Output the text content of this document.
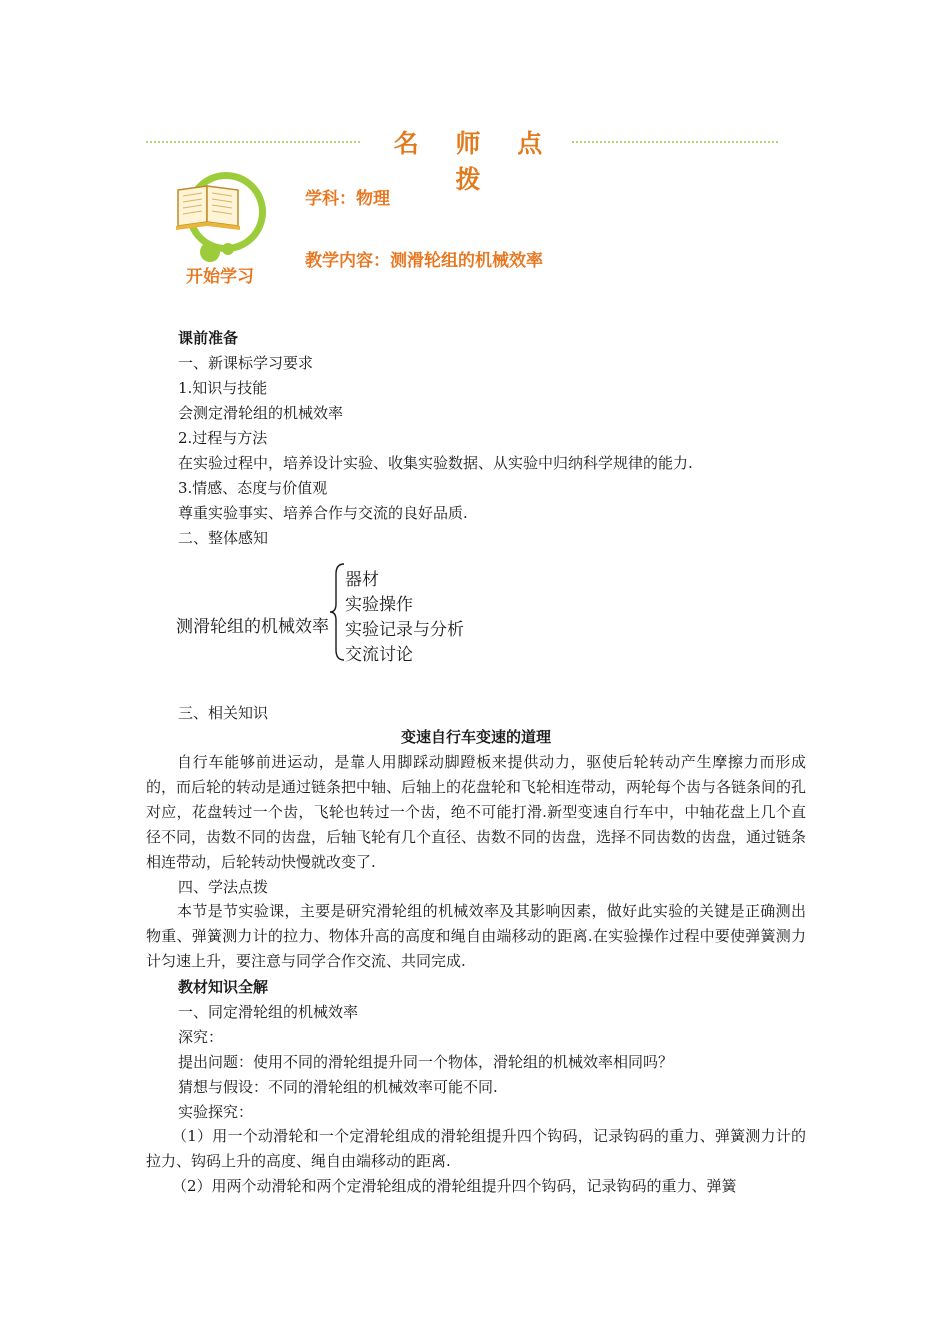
名 师 点 拨
开始学习
学科：物理
教学内容：测滑轮组的机械效率
课前准备
一、新课标学习要求
1.知识与技能
会测定滑轮组的机械效率
2.过程与方法
在实验过程中，培养设计实验、收集实验数据、从实验中归纳科学规律的能力.
3.情感、态度与价值观
尊重实验事实、培养合作与交流的良好品质.
二、整体感知
测滑轮组的机械效率
器材
实验操作
实验记录与分析
交流讨论
三、相关知识
变速自行车变速的道理
自行车能够前进运动，是靠人用脚踩动脚蹬板来提供动力，驱使后轮转动产生摩擦力而形成的，而后轮的转动是通过链条把中轴、后轴上的花盘轮和飞轮相连带动，两轮每个齿与各链条间的孔对应，花盘转过一个齿，飞轮也转过一个齿，绝不可能打滑.新型变速自行车中，中轴花盘上几个直径不同，齿数不同的齿盘，后轴飞轮有几个直径、齿数不同的齿盘，选择不同齿数的齿盘，通过链条相连带动，后轮转动快慢就改变了.
四、学法点拨
本节是节实验课，主要是研究滑轮组的机械效率及其影响因素，做好此实验的关键是正确测出物重、弹簧测力计的拉力、物体升高的高度和绳自由端移动的距离.在实验操作过程中要使弹簧测力计匀速上升，要注意与同学合作交流、共同完成.
教材知识全解
一、同定滑轮组的机械效率
深究：
提出问题：使用不同的滑轮组提升同一个物体，滑轮组的机械效率相同吗？
猜想与假设：不同的滑轮组的机械效率可能不同.
实验探究：
（1）用一个动滑轮和一个定滑轮组成的滑轮组提升四个钩码，记录钩码的重力、弹簧测力计的拉力、钩码上升的高度、绳自由端移动的距离.
（2）用两个动滑轮和两个定滑轮组成的滑轮组提升四个钩码，记录钩码的重力、弹簧
